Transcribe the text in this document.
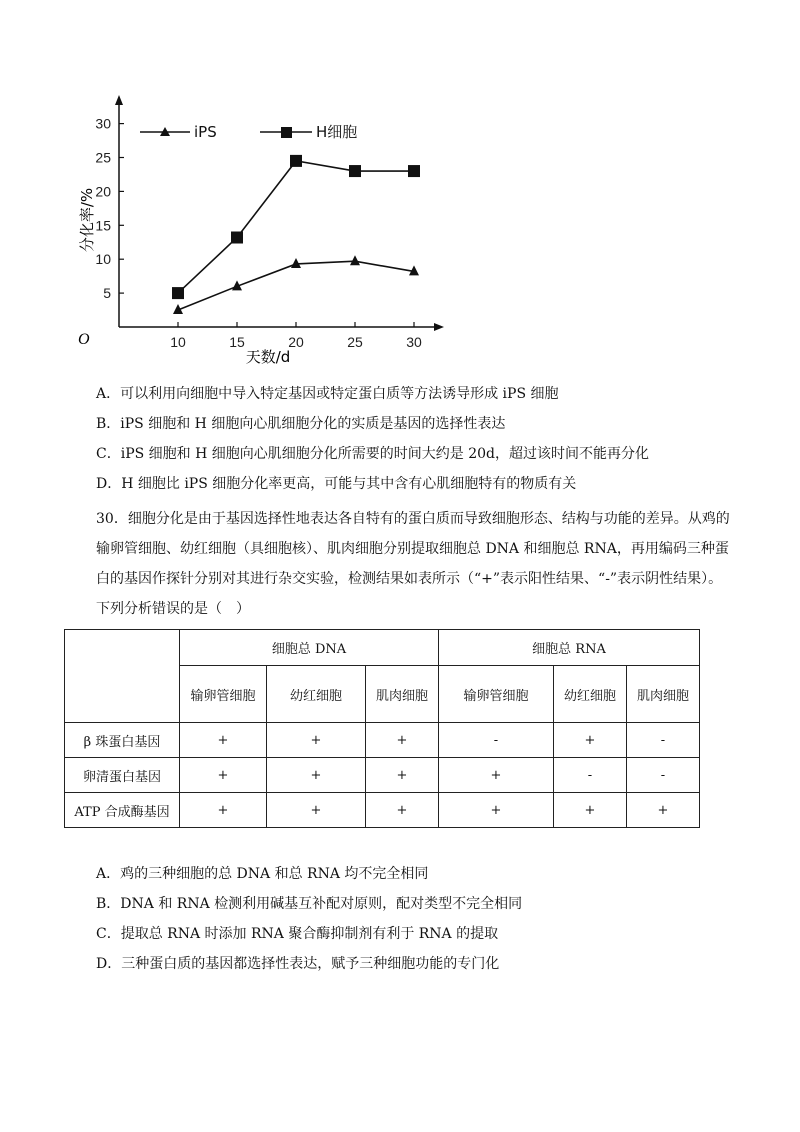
5
10
15
20
25
30
10	15	20	25	30
O
天数/d
分化率/%
iPS	H细胞
A．可以利用向细胞中导入特定基因或特定蛋白质等方法诱导形成 iPS 细胞
B．iPS 细胞和 H 细胞向心肌细胞分化的实质是基因的选择性表达
C．iPS 细胞和 H 细胞向心肌细胞分化所需要的时间大约是 20d，超过该时间不能再分化
D．H 细胞比 iPS 细胞分化率更高，可能与其中含有心肌细胞特有的物质有关
30．细胞分化是由于基因选择性地表达各自特有的蛋白质而导致细胞形态、结构与功能的差异。从鸡的输卵管细胞、幼红细胞（具细胞核）、肌肉细胞分别提取细胞总 DNA 和细胞总 RNA，再用编码三种蛋白的基因作探针分别对其进行杂交实验，检测结果如表所示（“+”表示阳性结果、“-”表示阴性结果）。下列分析错误的是（　）
	细胞总 DNA			细胞总 RNA		
	输卵管细胞	幼红细胞	肌肉细胞	输卵管细胞	幼红细胞	肌肉细胞
β 珠蛋白基因	+	+	+	-	+	-
卵清蛋白基因	+	+	+	+	-	-
ATP 合成酶基因	+	+	+	+	+	+
A．鸡的三种细胞的总 DNA 和总 RNA 均不完全相同
B．DNA 和 RNA 检测利用碱基互补配对原则，配对类型不完全相同
C．提取总 RNA 时添加 RNA 聚合酶抑制剂有利于 RNA 的提取
D．三种蛋白质的基因都选择性表达，赋予三种细胞功能的专门化
